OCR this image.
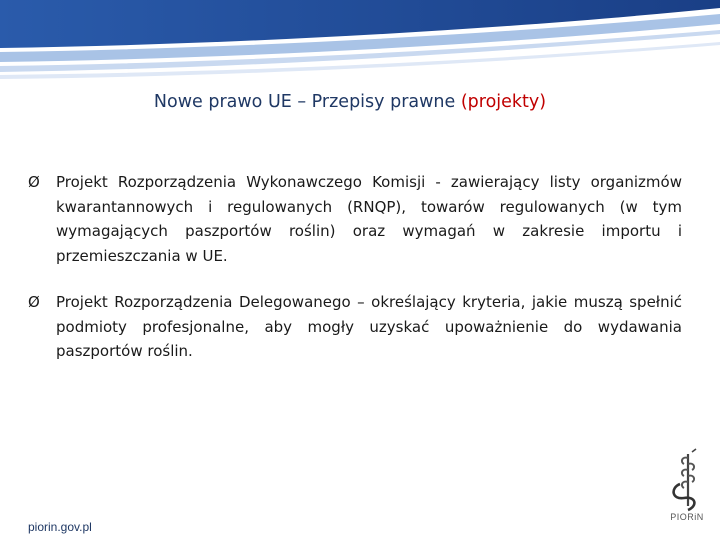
Nowe prawo UE – Przepisy prawne (projekty)
Ø	Projekt Rozporządzenia Wykonawczego Komisji - zawierający listy organizmów kwarantannowych i regulowanych (RNQP), towarów regulowanych (w tym wymagających paszportów roślin) oraz wymagań w zakresie importu i przemieszczania w UE.
Ø	Projekt Rozporządzenia Delegowanego – określający kryteria, jakie muszą spełnić podmioty profesjonalne, aby mogły uzyskać upoważnienie do wydawania paszportów roślin.
piorin.gov.pl
PIORiN
